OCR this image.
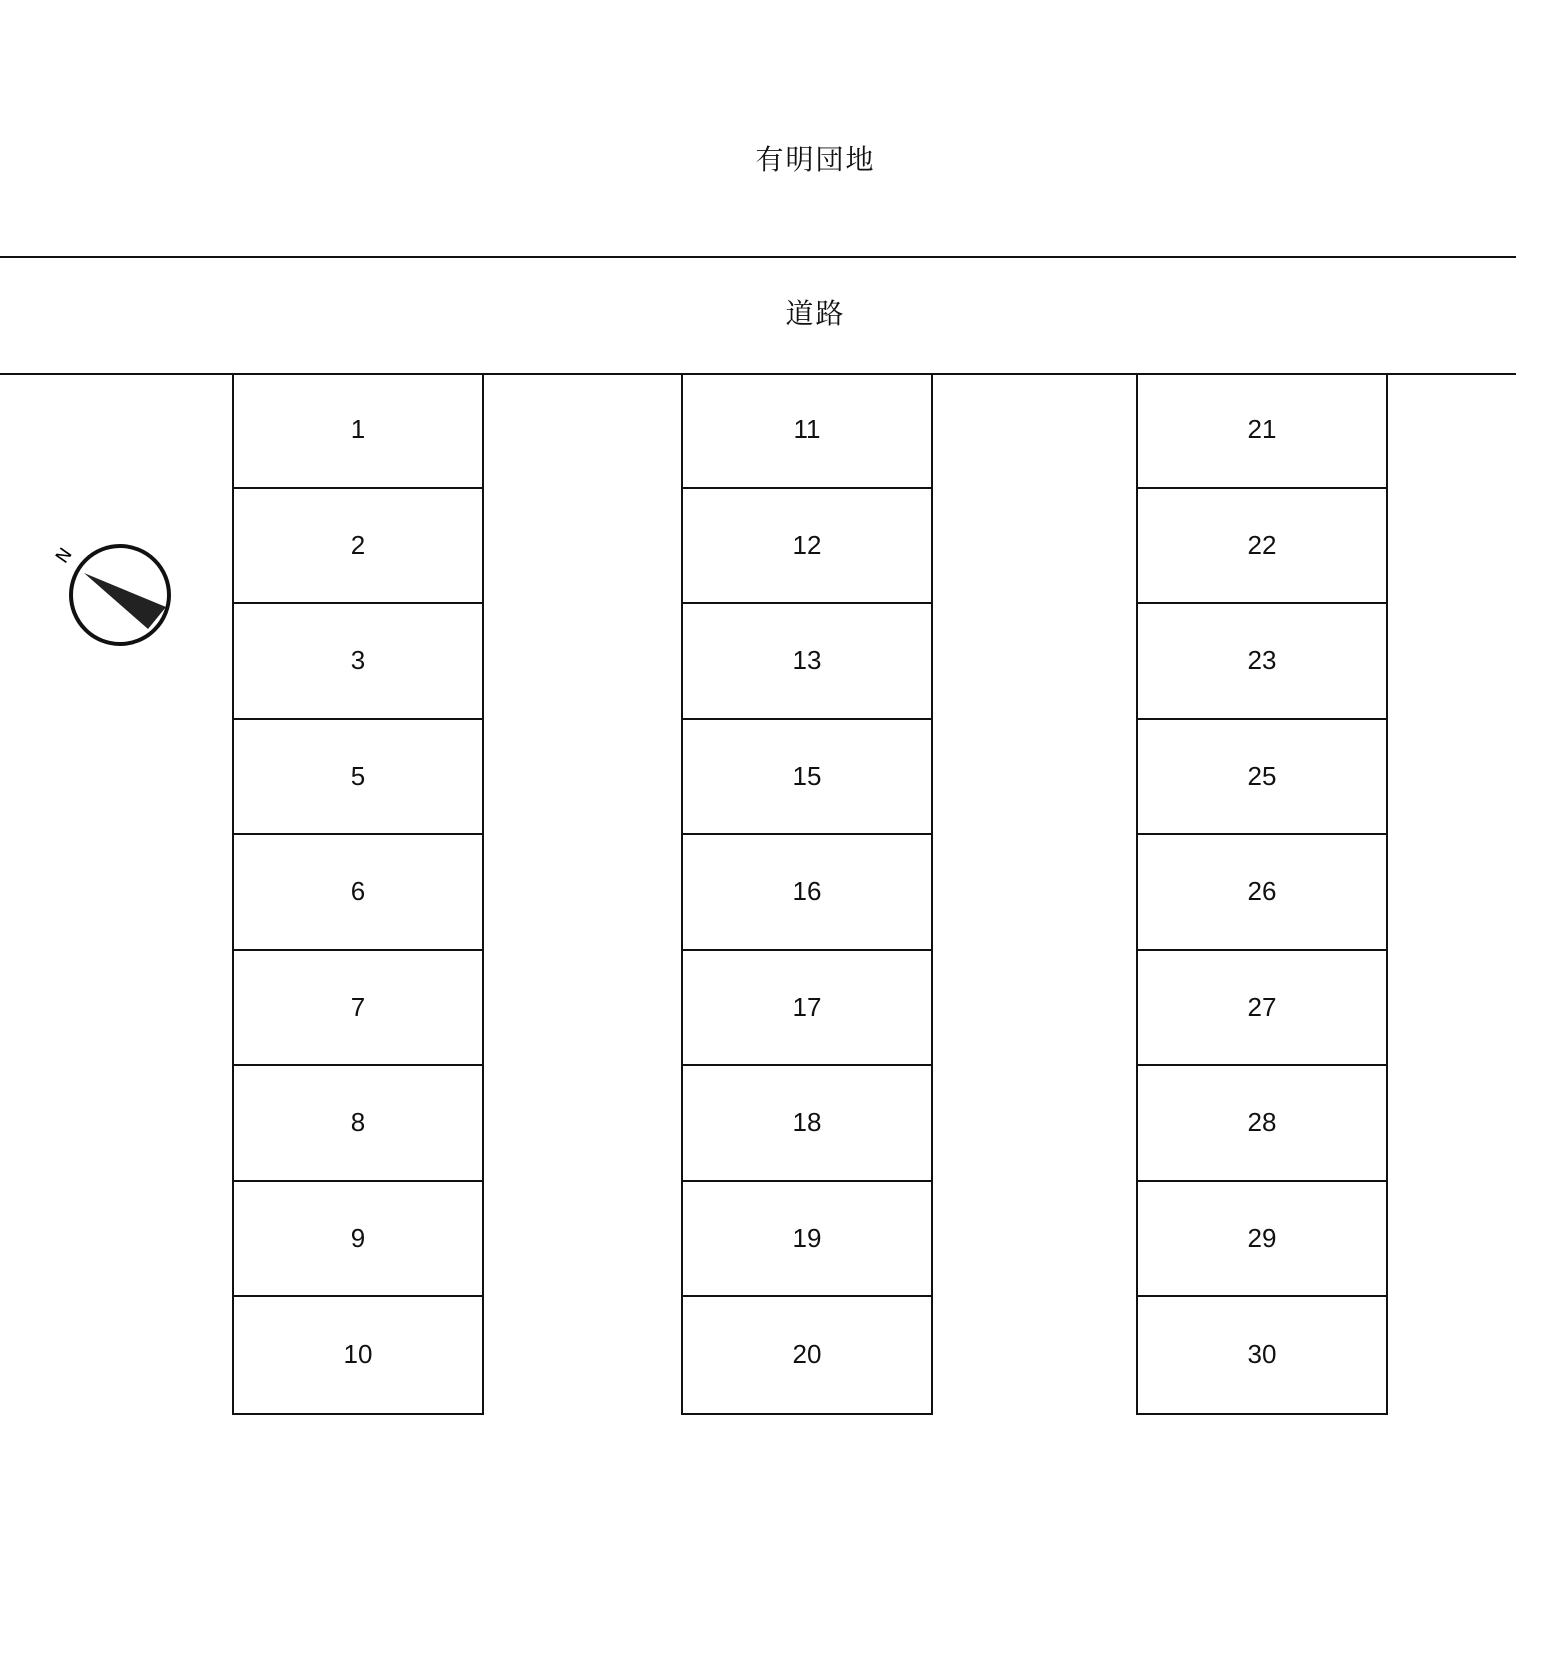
有明団地
道路
N
1
2
3
5
6
7
8
9
10
11
12
13
15
16
17
18
19
20
21
22
23
25
26
27
28
29
30
